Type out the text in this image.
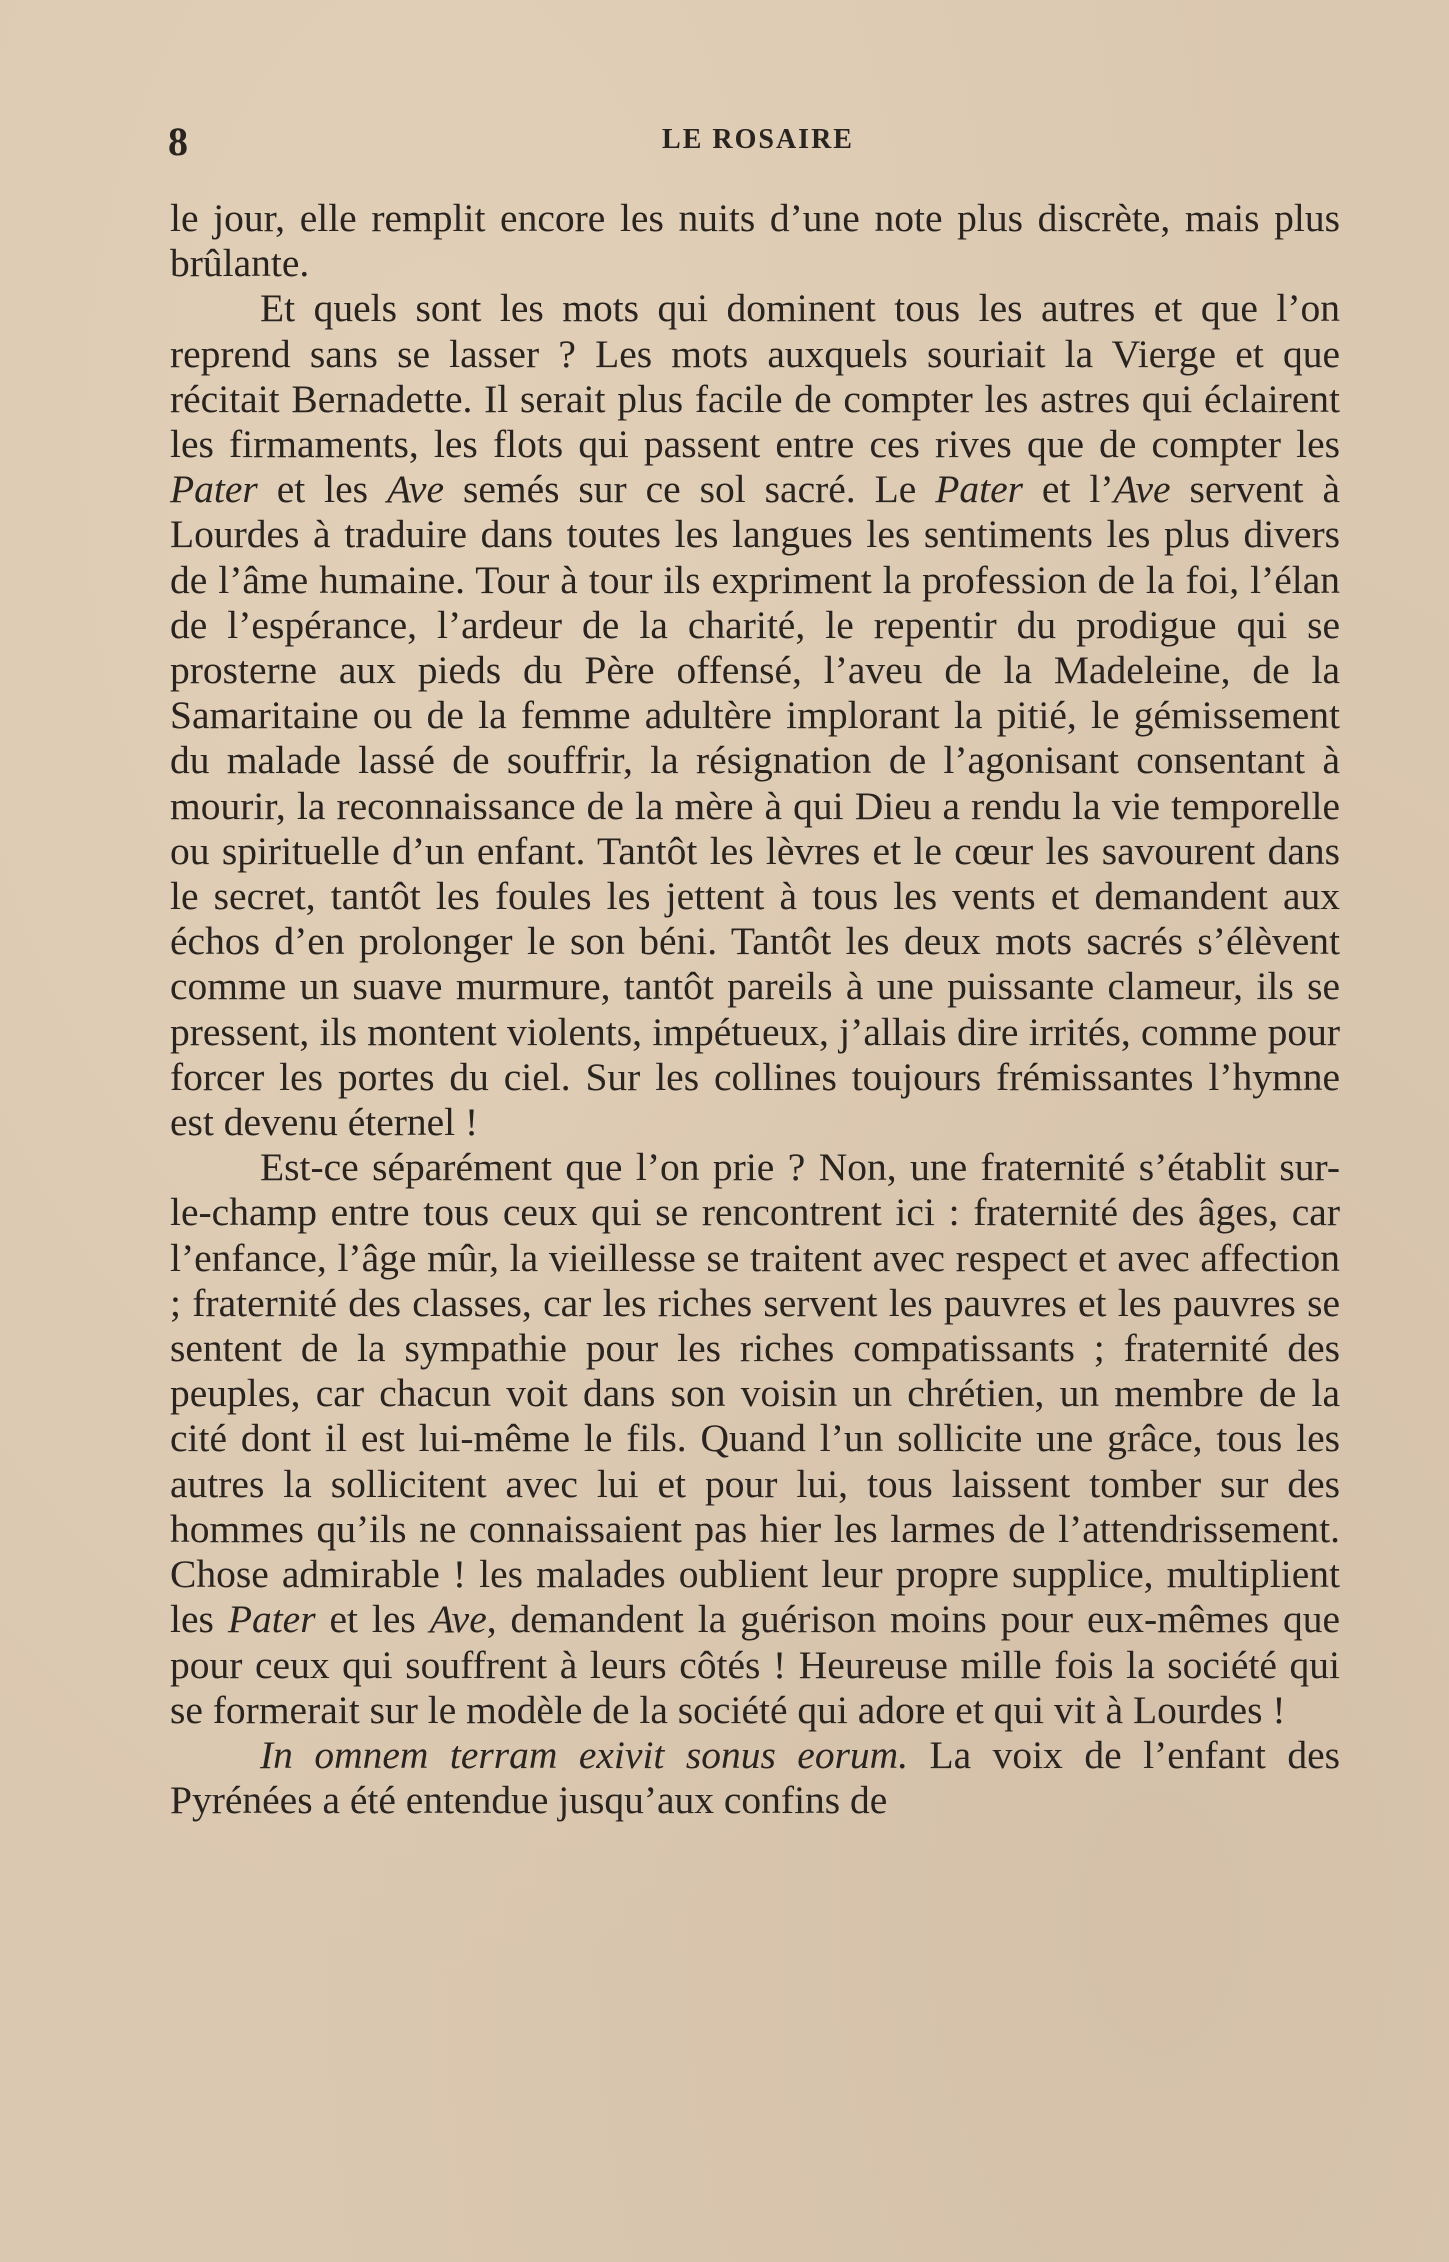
8	LE ROSAIRE

le jour, elle remplit encore les nuits d’une note plus discrète, mais plus brûlante.

Et quels sont les mots qui dominent tous les autres et que l’on reprend sans se lasser ? Les mots auxquels souriait la Vierge et que récitait Bernadette. Il serait plus facile de compter les astres qui éclairent les firmaments, les flots qui passent entre ces rives que de compter les Pater et les Ave semés sur ce sol sacré. Le Pater et l’Ave servent à Lourdes à traduire dans toutes les langues les sentiments les plus divers de l’âme humaine. Tour à tour ils expriment la profession de la foi, l’élan de l’espérance, l’ardeur de la charité, le repentir du prodigue qui se prosterne aux pieds du Père offensé, l’aveu de la Madeleine, de la Samaritaine ou de la femme adultère implorant la pitié, le gémissement du malade lassé de souffrir, la résignation de l’agonisant consentant à mourir, la reconnaissance de la mère à qui Dieu a rendu la vie temporelle ou spirituelle d’un enfant. Tantôt les lèvres et le cœur les savourent dans le secret, tantôt les foules les jettent à tous les vents et demandent aux échos d’en prolonger le son béni. Tantôt les deux mots sacrés s’élèvent comme un suave murmure, tantôt pareils à une puissante clameur, ils se pressent, ils montent violents, impétueux, j’allais dire irrités, comme pour forcer les portes du ciel. Sur les collines toujours frémissantes l’hymne est devenu éternel !

Est-ce séparément que l’on prie ? Non, une fraternité s’établit sur-le-champ entre tous ceux qui se rencontrent ici : fraternité des âges, car l’enfance, l’âge mûr, la vieillesse se traitent avec respect et avec affection ; fraternité des classes, car les riches servent les pauvres et les pauvres se sentent de la sympathie pour les riches compatissants ; fraternité des peuples, car chacun voit dans son voisin un chrétien, un membre de la cité dont il est lui-même le fils. Quand l’un sollicite une grâce, tous les autres la sollicitent avec lui et pour lui, tous laissent tomber sur des hommes qu’ils ne connaissaient pas hier les larmes de l’attendrissement. Chose admirable ! les malades oublient leur propre supplice, multiplient les Pater et les Ave, demandent la guérison moins pour eux-mêmes que pour ceux qui souffrent à leurs côtés ! Heureuse mille fois la société qui se formerait sur le modèle de la société qui adore et qui vit à Lourdes !

In omnem terram exivit sonus eorum. La voix de l’enfant des Pyrénées a été entendue jusqu’aux confins de
